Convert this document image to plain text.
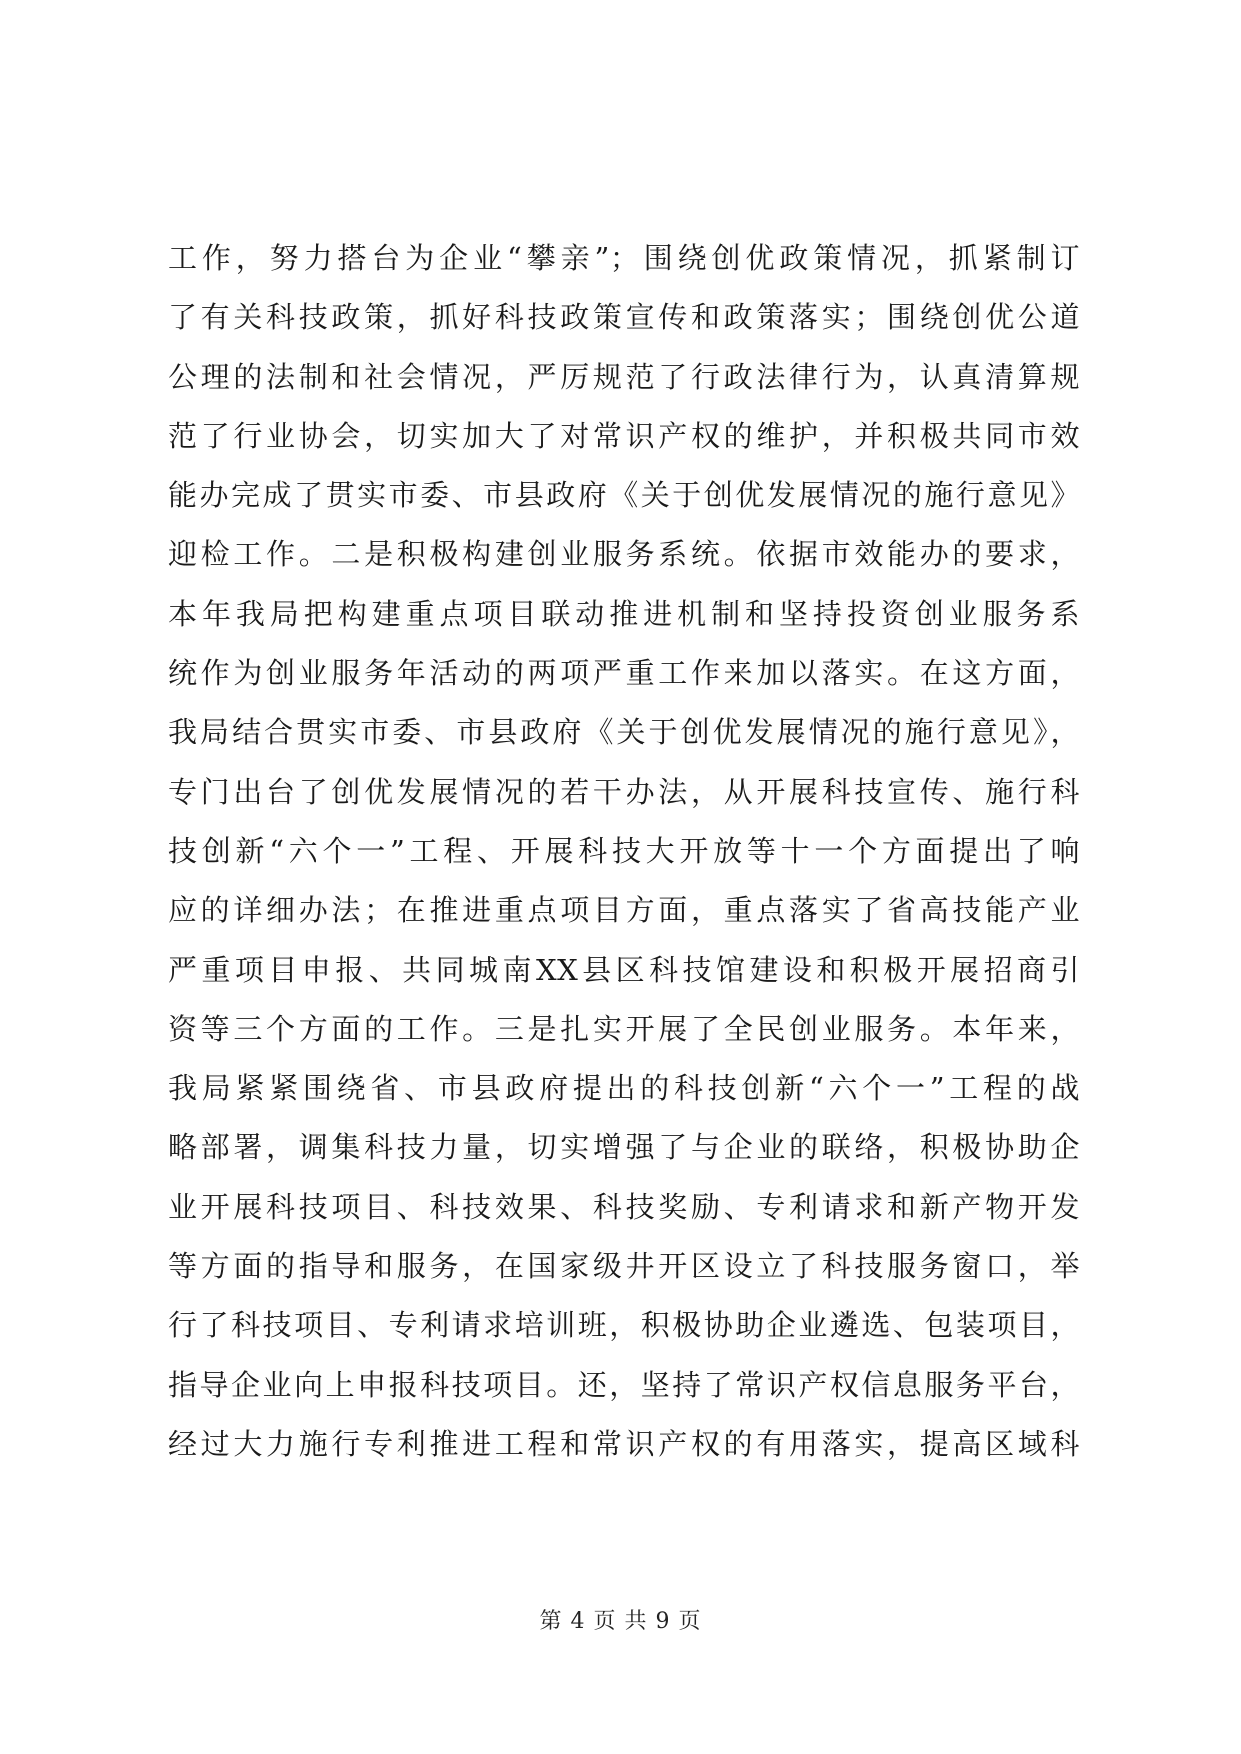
工作，努力搭台为企业“攀亲”；围绕创优政策情况，抓紧制订
了有关科技政策，抓好科技政策宣传和政策落实；围绕创优公道
公理的法制和社会情况，严厉规范了行政法律行为，认真清算规
范了行业协会，切实加大了对常识产权的维护，并积极共同市效
能办完成了贯实市委、市县政府《关于创优发展情况的施行意见》
迎检工作。二是积极构建创业服务系统。依据市效能办的要求，
本年我局把构建重点项目联动推进机制和坚持投资创业服务系
统作为创业服务年活动的两项严重工作来加以落实。在这方面，
我局结合贯实市委、市县政府《关于创优发展情况的施行意见》，
专门出台了创优发展情况的若干办法，从开展科技宣传、施行科
技创新“六个一”工程、开展科技大开放等十一个方面提出了响
应的详细办法；在推进重点项目方面，重点落实了省高技能产业
严重项目申报、共同城南XX县区科技馆建设和积极开展招商引
资等三个方面的工作。三是扎实开展了全民创业服务。本年来，
我局紧紧围绕省、市县政府提出的科技创新“六个一”工程的战
略部署，调集科技力量，切实增强了与企业的联络，积极协助企
业开展科技项目、科技效果、科技奖励、专利请求和新产物开发
等方面的指导和服务，在国家级井开区设立了科技服务窗口，举
行了科技项目、专利请求培训班，积极协助企业遴选、包装项目，
指导企业向上申报科技项目。还，坚持了常识产权信息服务平台，
经过大力施行专利推进工程和常识产权的有用落实，提高区域科
第 4 页 共 9 页
